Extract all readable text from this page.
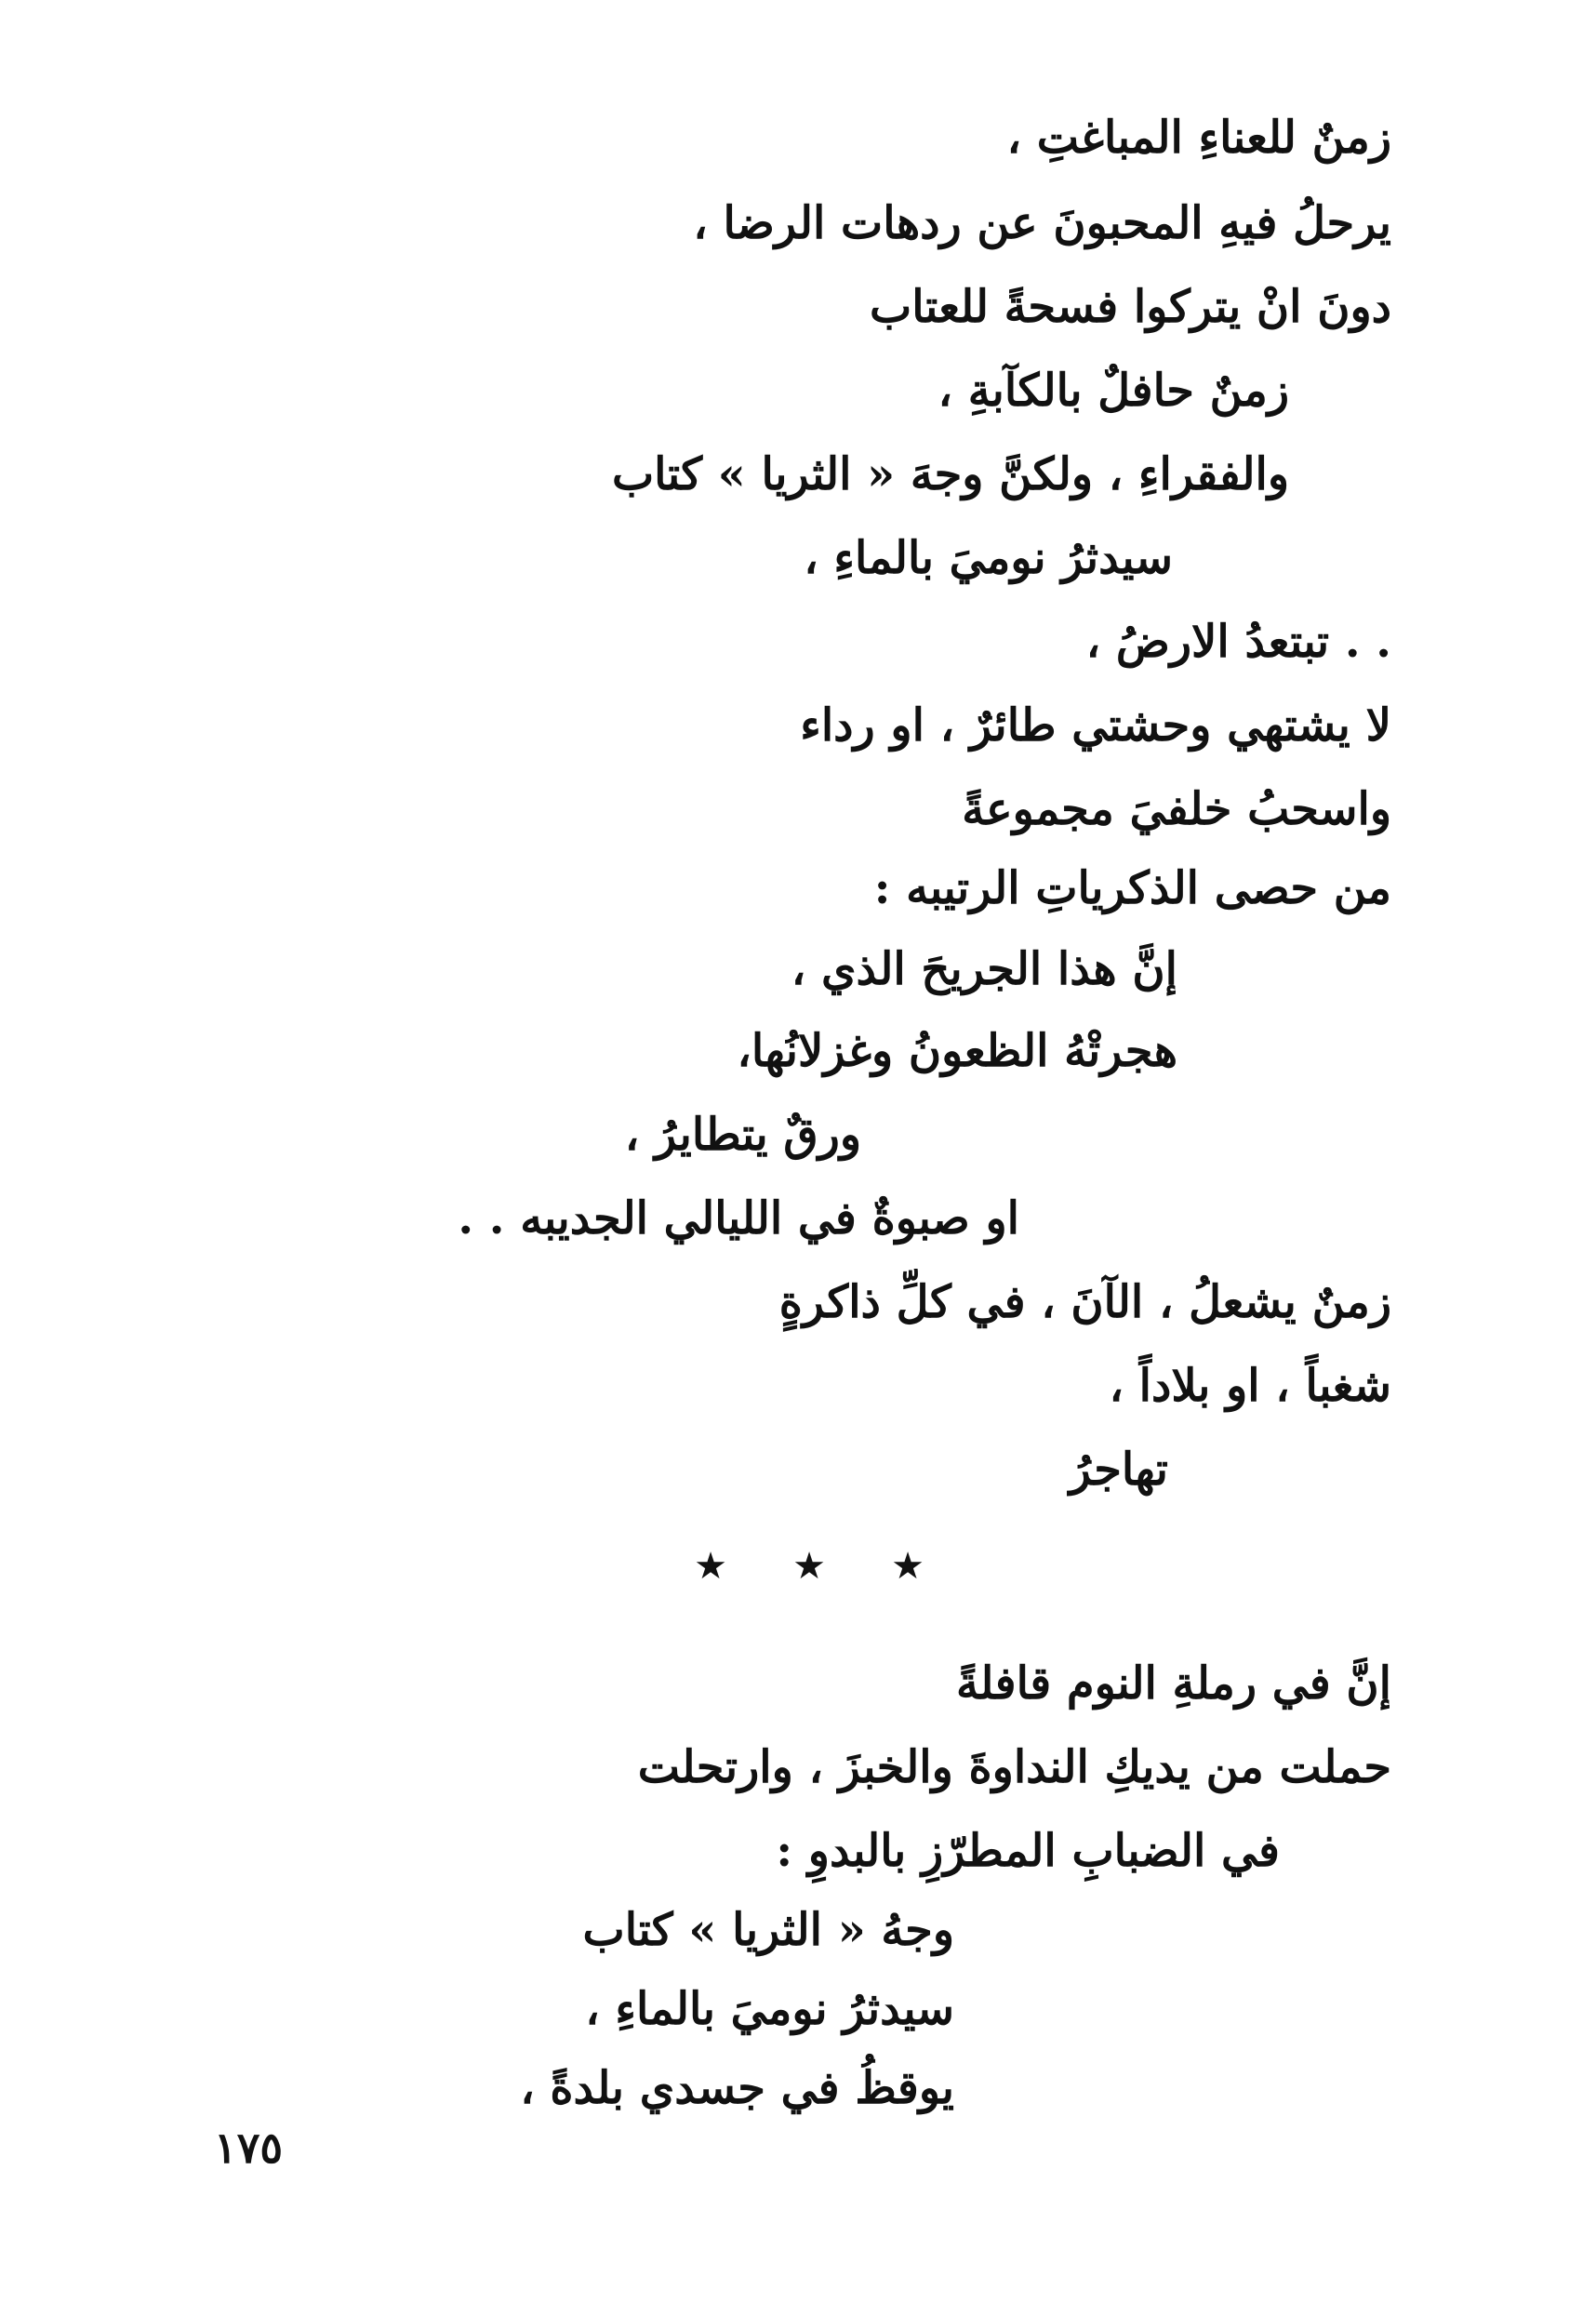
زمنٌ للعناءِ المباغتِ ،
يرحلُ فيهِ المحبونَ عن ردهات الرضا ،
دونَ انْ يتركوا فسحةً للعتاب
زمنٌ حافلٌ بالكآبةِ ،
والفقراءِ ، ولكنَّ وجهَ « الثريا » كتاب
سيدثرُ نوميَ بالماءِ ،
. . تبتعدُ الارضُ ،
لا يشتهي وحشتي طائرٌ ، او رداء
واسحبُ خلفيَ مجموعةً
من حصى الذكرياتِ الرتيبه :
إنَّ هذا الجريحَ الذي ،
هجرتْهُ الظعونُ وغزلانُها،
ورقٌ يتطايرُ ،
او صبوةٌ في الليالي الجديبه . .
زمنٌ يشعلُ ، الآنَ ، في كلِّ ذاكرةٍ
شغباً ، او بلاداً ،
تهاجرُ
★ ★ ★
إنَّ في رملةِ النوم قافلةً
حملت من يديكِ النداوةَ والخبزَ ، وارتحلت
في الضبابِ المطرّزِ بالبدوِ :
وجهُ « الثريا » كتاب
سيدثرُ نوميَ بالماءِ ،
يوقظُ في جسدي بلدةً ،
١٧٥
